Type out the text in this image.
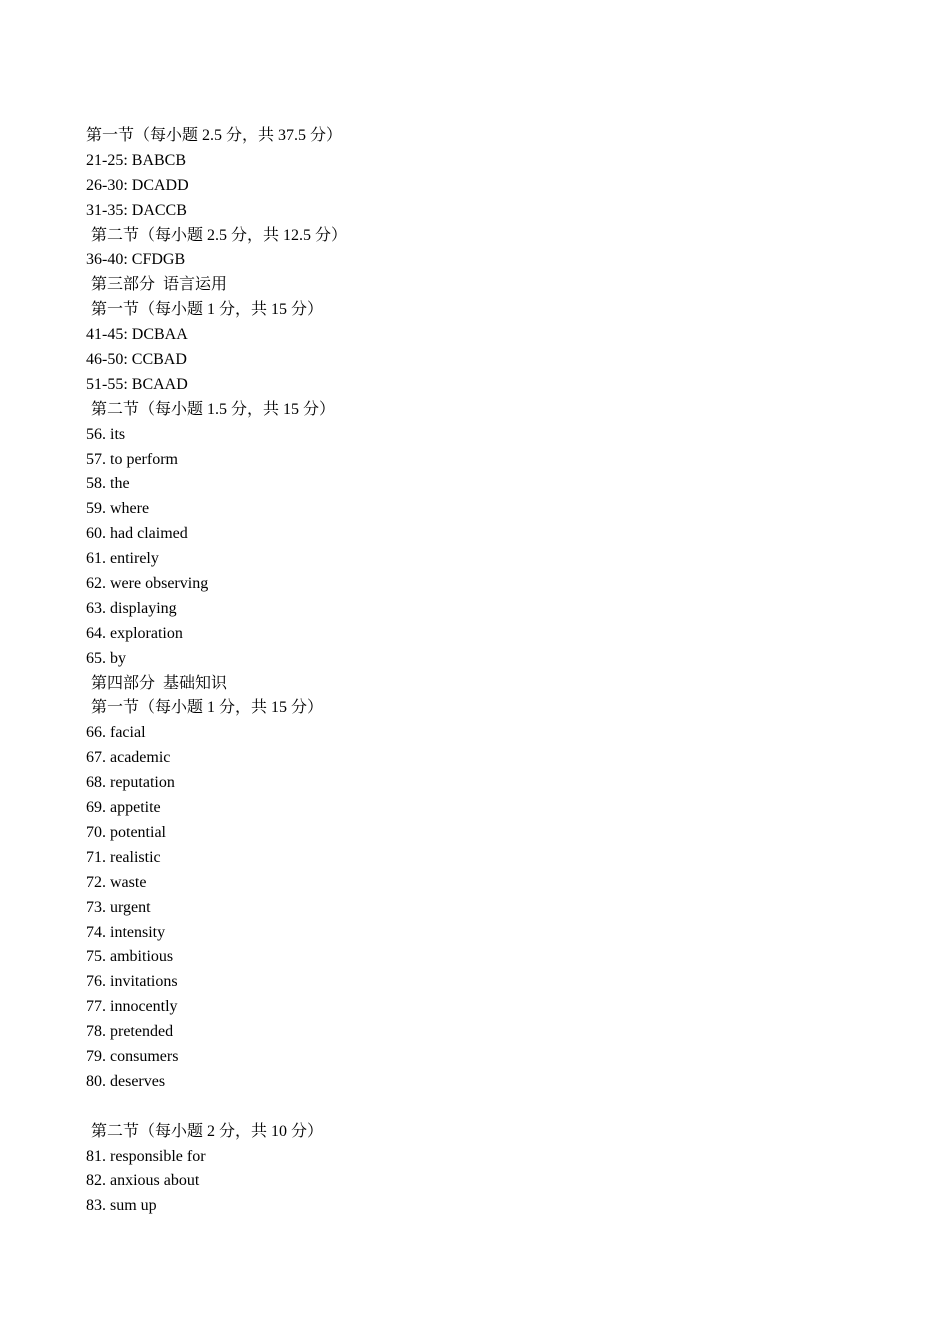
第一节（每小题 2.5 分，共 37.5 分）
21-25: BABCB
26-30: DCADD
31-35: DACCB
第二节（每小题 2.5 分，共 12.5 分）
36-40: CFDGB
第三部分  语言运用
第一节（每小题 1 分，共 15 分）
41-45: DCBAA
46-50: CCBAD
51-55: BCAAD
第二节（每小题 1.5 分，共 15 分）
56. its
57. to perform
58. the
59. where
60. had claimed
61. entirely
62. were observing
63. displaying
64. exploration
65. by
第四部分  基础知识
第一节（每小题 1 分，共 15 分）
66. facial
67. academic
68. reputation
69. appetite
70. potential
71. realistic
72. waste
73. urgent
74. intensity
75. ambitious
76. invitations
77. innocently
78. pretended
79. consumers
80. deserves
第二节（每小题 2 分，共 10 分）
81. responsible for
82. anxious about
83. sum up
